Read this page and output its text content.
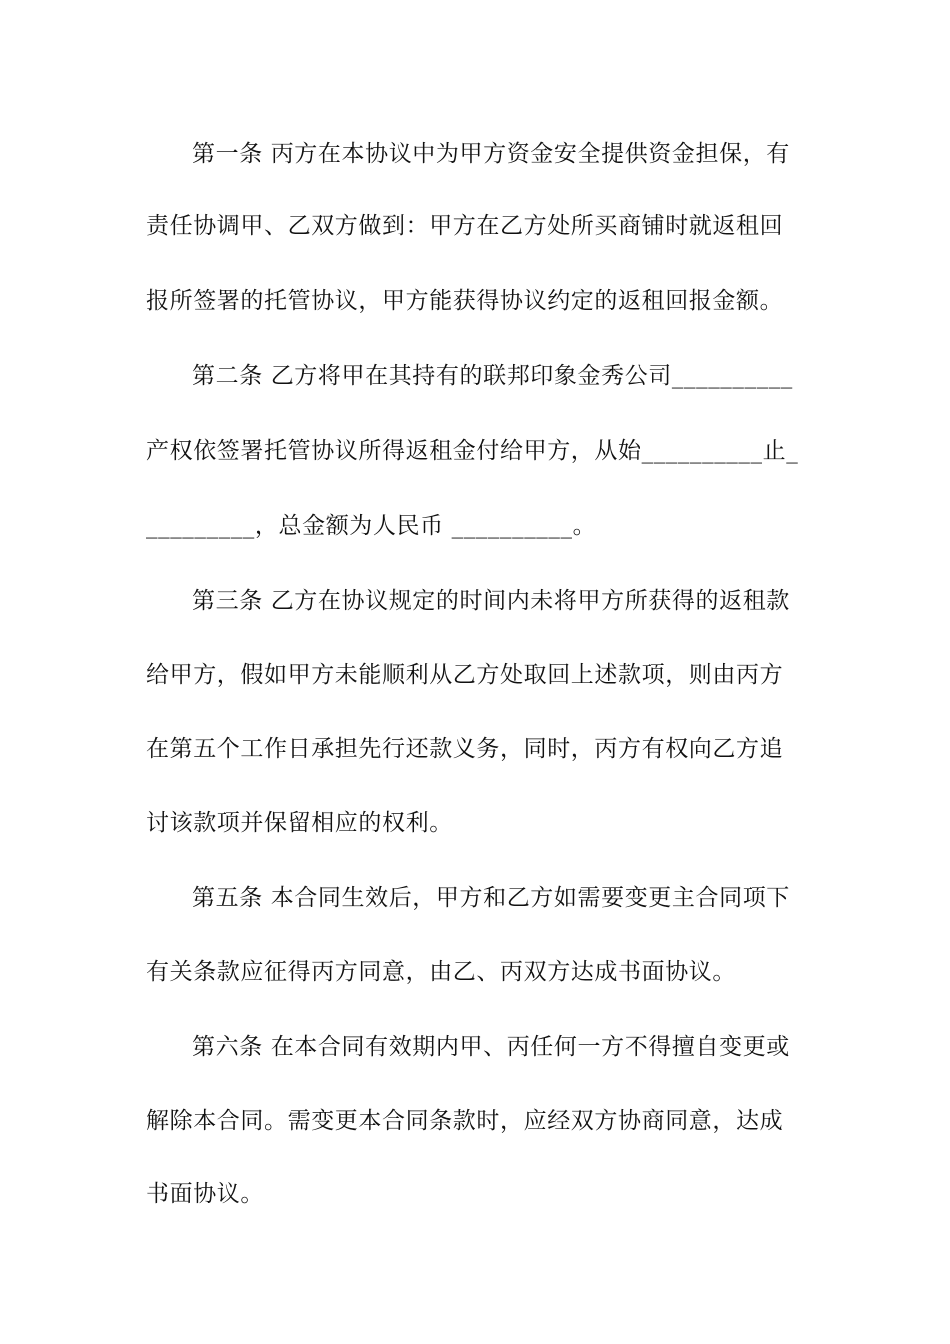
第一条 丙方在本协议中为甲方资金安全提供资金担保，有
责任协调甲、乙双方做到：甲方在乙方处所买商铺时就返租回
报所签署的托管协议，甲方能获得协议约定的返租回报金额。
第二条 乙方将甲在其持有的联邦印象金秀公司__________
产权依签署托管协议所得返租金付给甲方，从始__________止_
_________，总金额为人民币 __________。
第三条 乙方在协议规定的时间内未将甲方所获得的返租款
给甲方，假如甲方未能顺利从乙方处取回上述款项，则由丙方
在第五个工作日承担先行还款义务，同时，丙方有权向乙方追
讨该款项并保留相应的权利。
第五条 本合同生效后，甲方和乙方如需要变更主合同项下
有关条款应征得丙方同意，由乙、丙双方达成书面协议。
第六条 在本合同有效期内甲、丙任何一方不得擅自变更或
解除本合同。需变更本合同条款时，应经双方协商同意，达成
书面协议。
